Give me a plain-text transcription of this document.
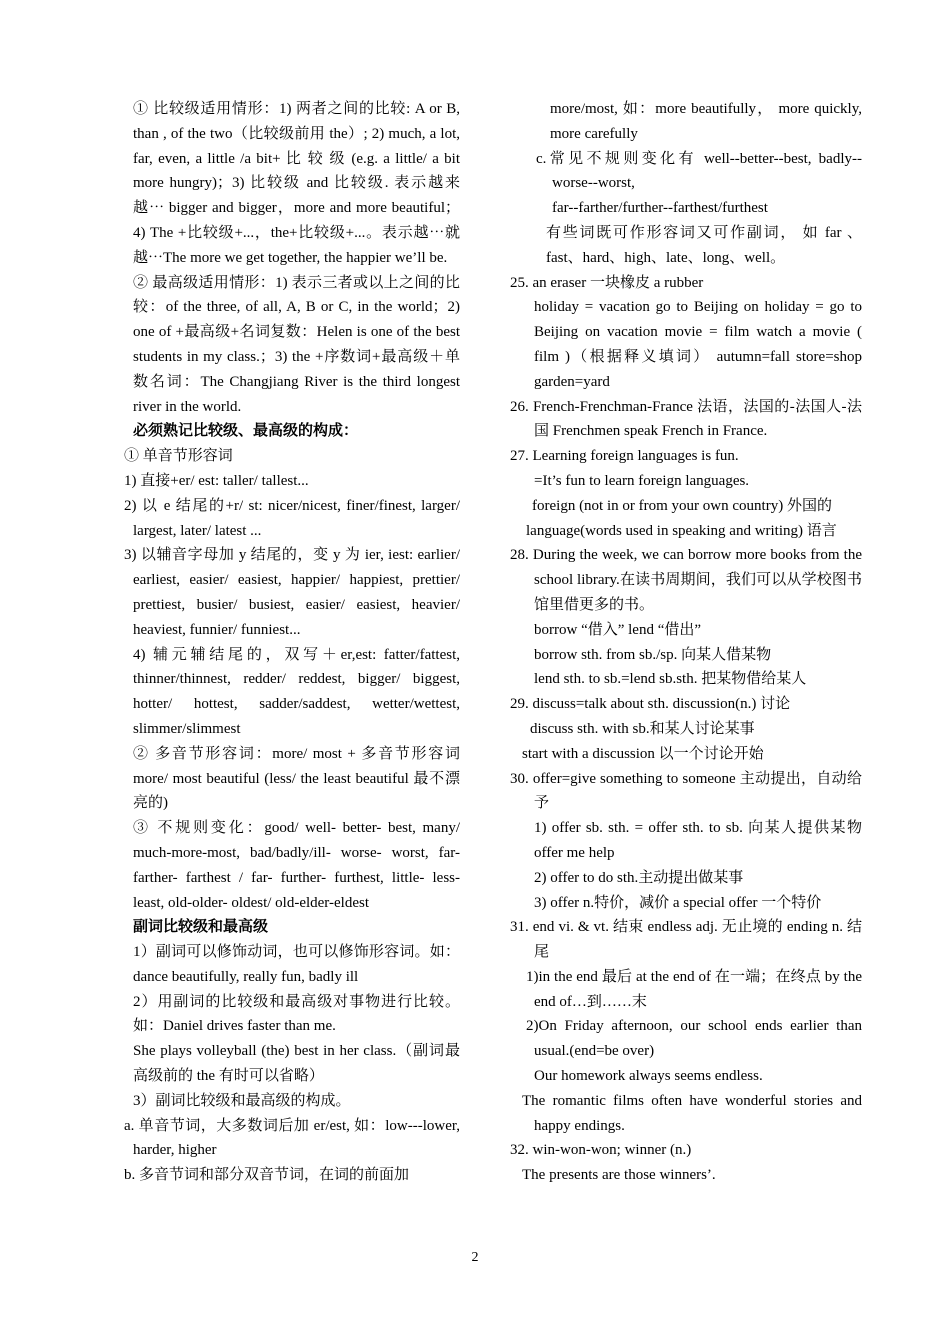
① 比较级适用情形：1) 两者之间的比较: A or B, than , of the two（比较级前用 the）; 2) much, a lot, far, even, a little /a bit+ 比 较 级 (e.g. a little/ a bit more hungry)；3) 比较级 and 比较级. 表示越来越⋯ bigger and bigger，more and more beautiful；4) The +比较级+...，the+比较级+...。表示越⋯就越⋯The more we get together, the happier we’ll be.

② 最高级适用情形：1) 表示三者或以上之间的比较：of the three, of all, A, B or C, in the world；2) one of +最高级+名词复数：Helen is one of the best students in my class.；3) the +序数词+最高级＋单数名词：The Changjiang River is the third longest river in the world.

必须熟记比较级、最高级的构成：

① 单音节形容词

1) 直接+er/ est: taller/ tallest...

2) 以 e 结尾的+r/ st: nicer/nicest, finer/finest, larger/ largest, later/ latest ...

3) 以辅音字母加 y 结尾的，变 y 为 ier, iest: earlier/ earliest, easier/ easiest, happier/ happiest, prettier/ prettiest, busier/ busiest, easier/ easiest, heavier/ heaviest, funnier/ funniest...

4) 辅元辅结尾的，双写＋er,est: fatter/fattest, thinner/thinnest, redder/ reddest, bigger/ biggest, hotter/ hottest, sadder/saddest, wetter/wettest, slimmer/slimmest

② 多音节形容词：more/ most + 多音节形容词 more/ most beautiful (less/ the least beautiful 最不漂亮的)

③ 不规则变化：good/ well- better- best, many/ much-more-most, bad/badly/ill- worse- worst, far- farther- farthest / far- further- furthest, little- less-least, old-older- oldest/ old-elder-eldest

副词比较级和最高级

1）副词可以修饰动词，也可以修饰形容词。如： dance beautifully, really fun, badly ill

2）用副词的比较级和最高级对事物进行比较。如：Daniel drives faster than me.

She plays volleyball (the) best in her class.（副词最高级前的 the 有时可以省略）

3）副词比较级和最高级的构成。

a. 单音节词，大多数词后加 er/est, 如：low---lower, harder, higher

b. 多音节词和部分双音节词，在词的前面加

more/most, 如：more beautifully， more quickly, more carefully

c.常见不规则变化有 well--better--best, badly--worse--worst,

far--farther/further--farthest/furthest

有些词既可作形容词又可作副词， 如 far 、fast、hard、high、late、long、well。

25. an eraser 一块橡皮 a rubber

holiday = vacation go to Beijing on holiday = go to Beijing on vacation movie = film watch a movie ( film )（根据释义填词） autumn=fall store=shop garden=yard

26. French-Frenchman-France 法语，法国的-法国人-法国 Frenchmen speak French in France.

27. Learning foreign languages is fun.

=It’s fun to learn foreign languages.

foreign (not in or from your own country) 外国的

language(words used in speaking and writing) 语言

28. During the week, we can borrow more books from the school library.在读书周期间，我们可以从学校图书馆里借更多的书。

borrow “借入” lend “借出”

borrow sth. from sb./sp. 向某人借某物

lend sth. to sb.=lend sb.sth. 把某物借给某人

29. discuss=talk about sth. discussion(n.) 讨论

discuss sth. with sb.和某人讨论某事

start with a discussion 以一个讨论开始

30. offer=give something to someone 主动提出，自动给予

1) offer sb. sth. = offer sth. to sb. 向某人提供某物 offer me help

2) offer to do sth.主动提出做某事

3) offer n.特价，减价 a special offer 一个特价

31. end vi. & vt. 结束 endless adj. 无止境的 ending n. 结尾

1)in the end 最后 at the end of 在一端；在终点 by the end of…到……末

2)On Friday afternoon, our school ends earlier than usual.(end=be over)

Our homework always seems endless.

The romantic films often have wonderful stories and happy endings.

32. win-won-won; winner (n.)

The presents are those winners’.

2
